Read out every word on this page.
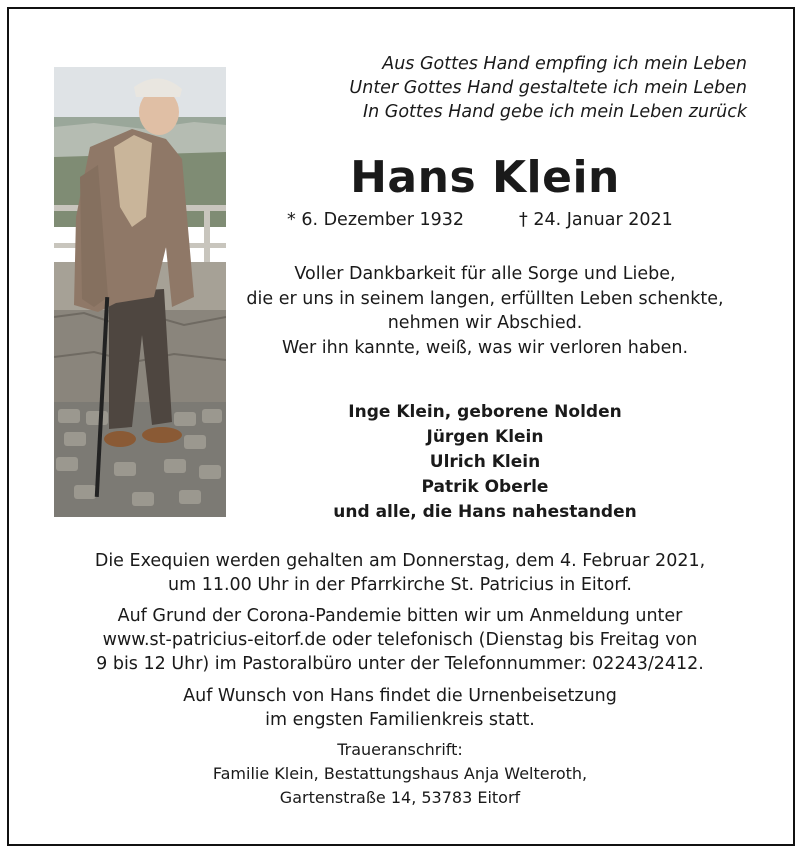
Aus Gottes Hand empfing ich mein Leben
Unter Gottes Hand gestaltete ich mein Leben
In Gottes Hand gebe ich mein Leben zurück
Hans Klein
* 6. Dezember 1932	† 24. Januar 2021
Voller Dankbarkeit für alle Sorge und Liebe,
die er uns in seinem langen, erfüllten Leben schenkte,
nehmen wir Abschied.
Wer ihn kannte, weiß, was wir verloren haben.
Inge Klein, geborene Nolden
Jürgen Klein
Ulrich Klein
Patrik Oberle
und alle, die Hans nahestanden
Die Exequien werden gehalten am Donnerstag, dem 4. Februar 2021,
um 11.00 Uhr in der Pfarrkirche St. Patricius in Eitorf.
Auf Grund der Corona-Pandemie bitten wir um Anmeldung unter
www.st-patricius-eitorf.de oder telefonisch (Dienstag bis Freitag von
9 bis 12 Uhr) im Pastoralbüro unter der Telefonnummer: 02243/2412.
Auf Wunsch von Hans findet die Urnenbeisetzung
im engsten Familienkreis statt.
Traueranschrift:
Familie Klein, Bestattungshaus Anja Welteroth,
Gartenstraße 14, 53783 Eitorf
